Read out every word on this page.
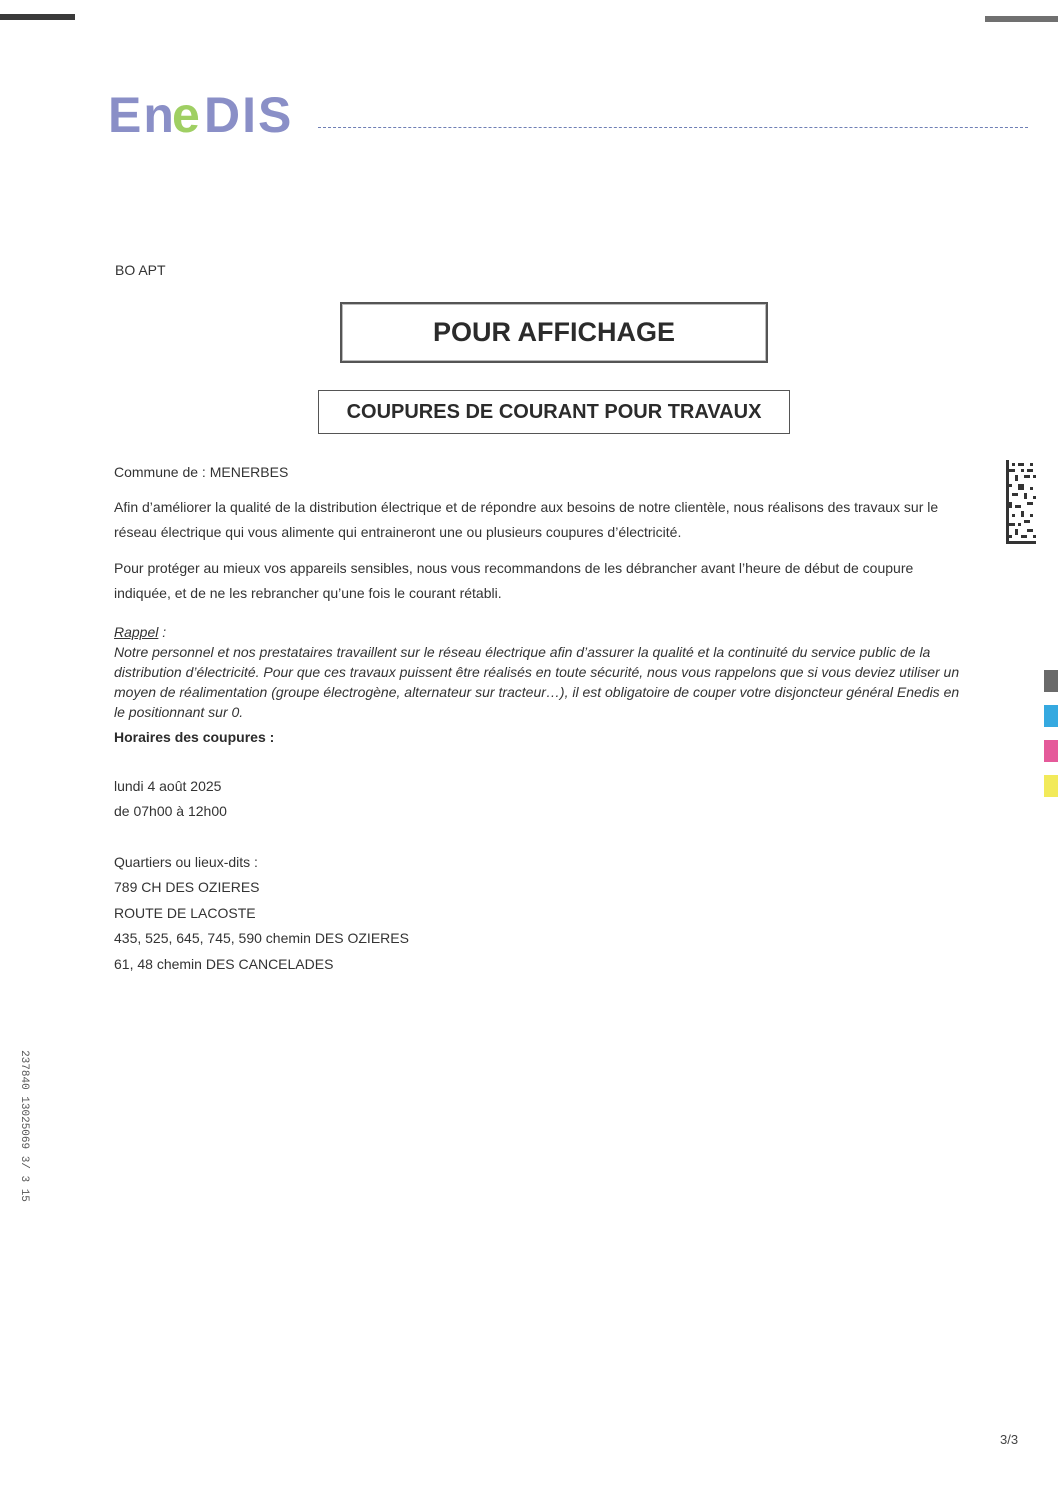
En
e DIS
BO APT
POUR AFFICHAGE
COUPURES DE COURANT POUR TRAVAUX
Commune de : MENERBES
Afin d’améliorer la qualité de la distribution électrique et de répondre aux besoins de notre clientèle, nous réalisons des travaux sur le réseau électrique qui vous alimente qui entraineront une ou plusieurs coupures d’électricité.
Pour protéger au mieux vos appareils sensibles, nous vous recommandons de les débrancher avant l’heure de début de coupure indiquée, et de ne les rebrancher qu’une fois le courant rétabli.
Rappel :
Notre personnel et nos prestataires travaillent sur le réseau électrique afin d’assurer la qualité et la continuité du service public de la distribution d’électricité. Pour que ces travaux puissent être réalisés en toute sécurité, nous vous rappelons que si vous deviez utiliser un moyen de réalimentation (groupe électrogène, alternateur sur tracteur…), il est obligatoire de couper votre disjoncteur général Enedis en le positionnant sur 0.
Horaires des coupures :
lundi 4 août 2025
de 07h00 à 12h00
Quartiers ou lieux-dits :
789 CH DES OZIERES
ROUTE DE LACOSTE
435, 525, 645, 745, 590 chemin DES OZIERES
61, 48 chemin DES CANCELADES
237840 13025069 3/ 3 15
3/3
